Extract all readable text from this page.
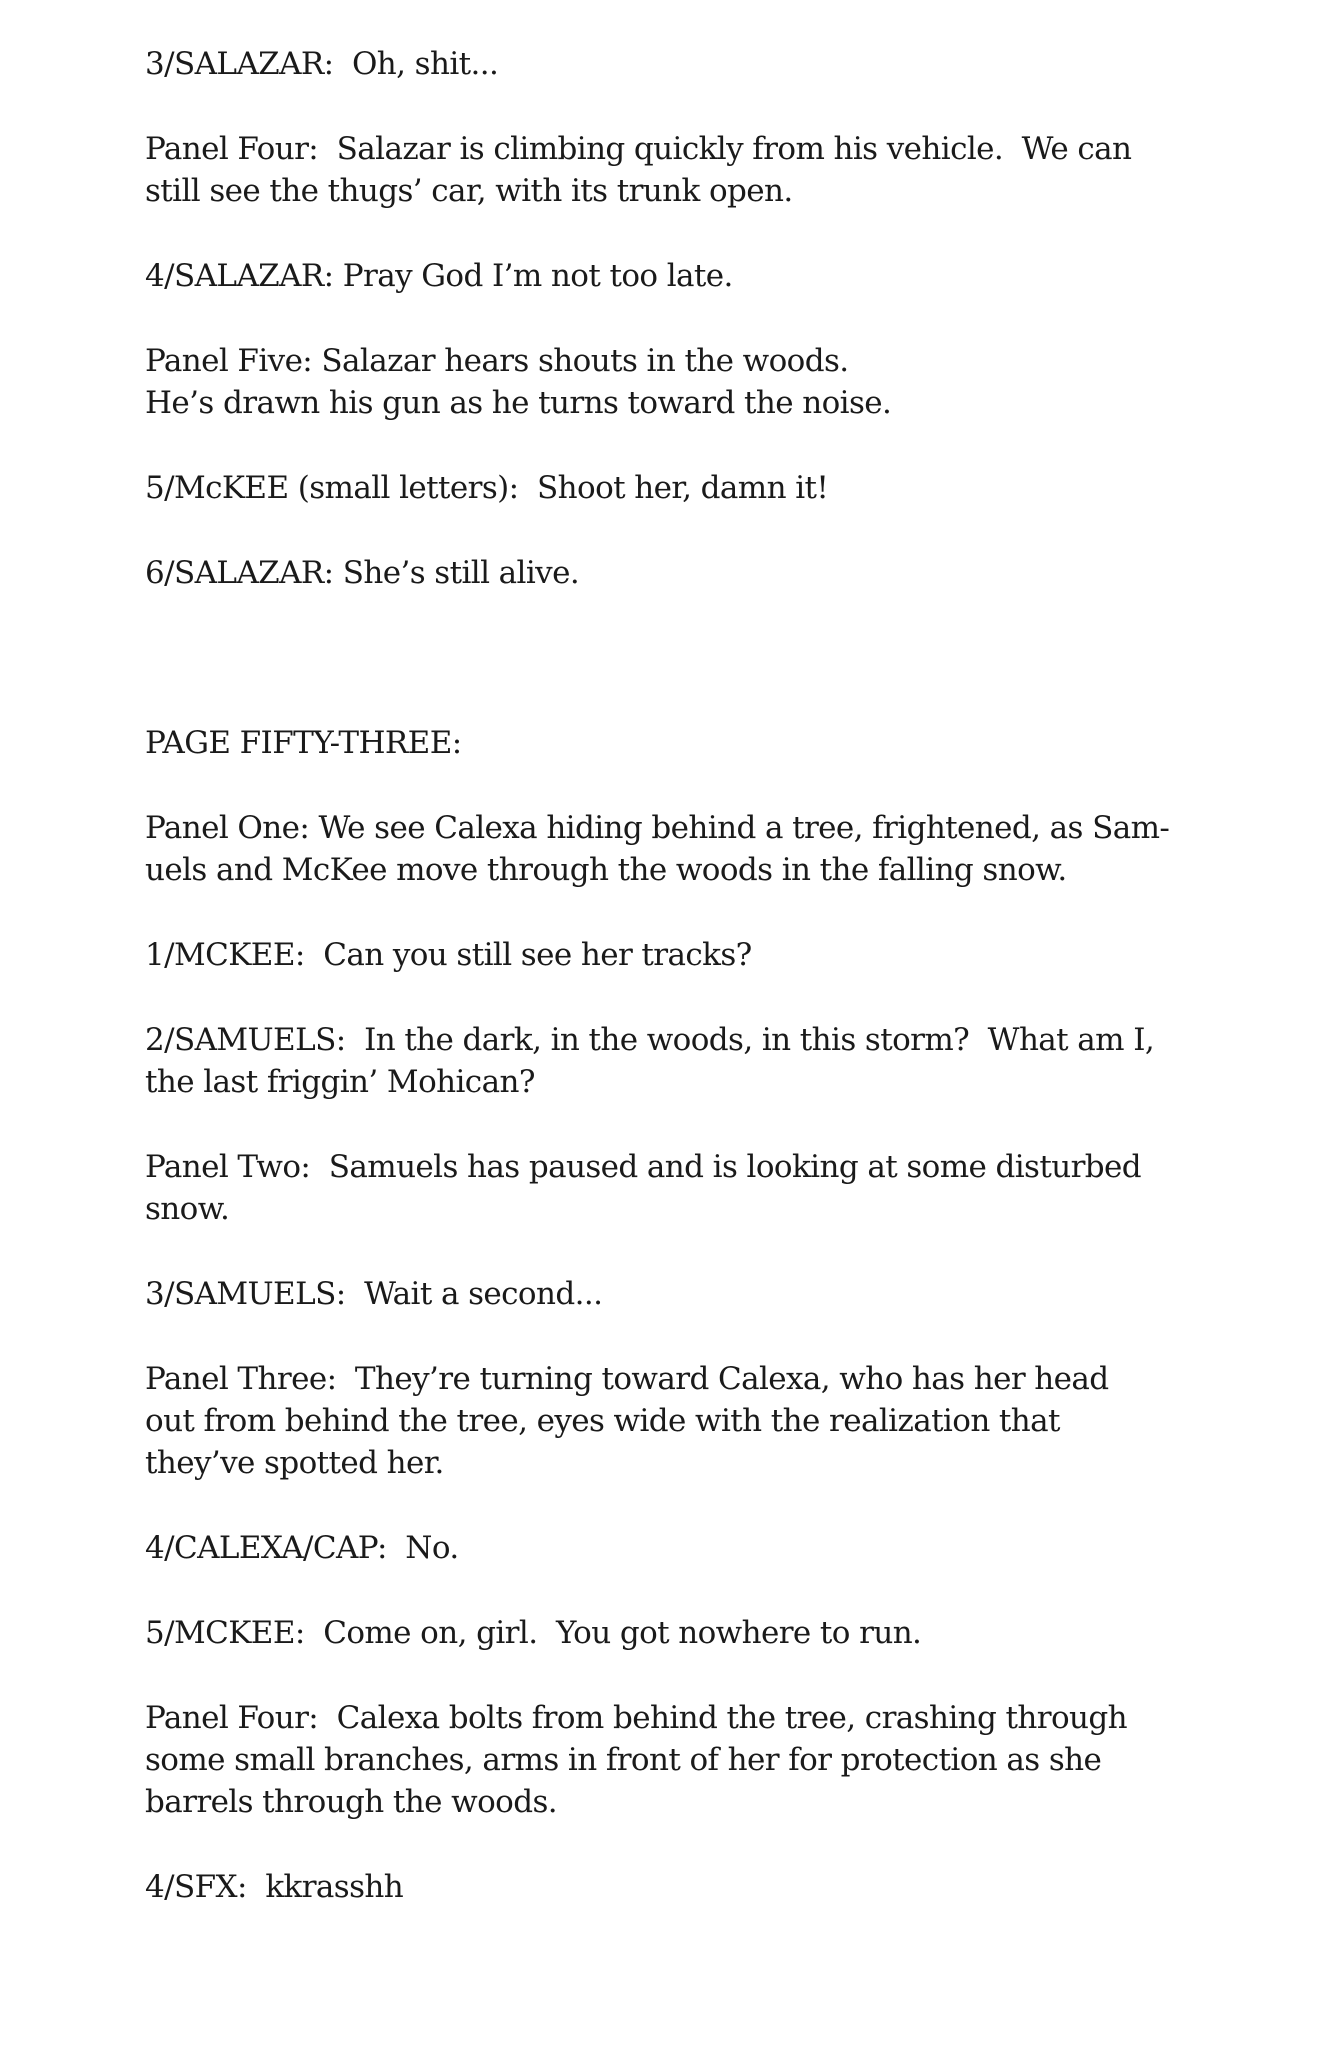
3/SALAZAR:  Oh, shit...
Panel Four:  Salazar is climbing quickly from his vehicle.  We can
still see the thugs’ car, with its trunk open.
4/SALAZAR: Pray God I’m not too late.
Panel Five: Salazar hears shouts in the woods.
He’s drawn his gun as he turns toward the noise.
5/McKEE (small letters):  Shoot her, damn it!
6/SALAZAR: She’s still alive.
PAGE FIFTY-THREE:
Panel One: We see Calexa hiding behind a tree, frightened, as Sam-
uels and McKee move through the woods in the falling snow.
1/MCKEE:  Can you still see her tracks?
2/SAMUELS:  In the dark, in the woods, in this storm?  What am I,
the last friggin’ Mohican?
Panel Two:  Samuels has paused and is looking at some disturbed
snow.
3/SAMUELS:  Wait a second...
Panel Three:  They’re turning toward Calexa, who has her head
out from behind the tree, eyes wide with the realization that
they’ve spotted her.
4/CALEXA/CAP:  No.
5/MCKEE:  Come on, girl.  You got nowhere to run.
Panel Four:  Calexa bolts from behind the tree, crashing through
some small branches, arms in front of her for protection as she
barrels through the woods.
4/SFX:  kkrasshh
